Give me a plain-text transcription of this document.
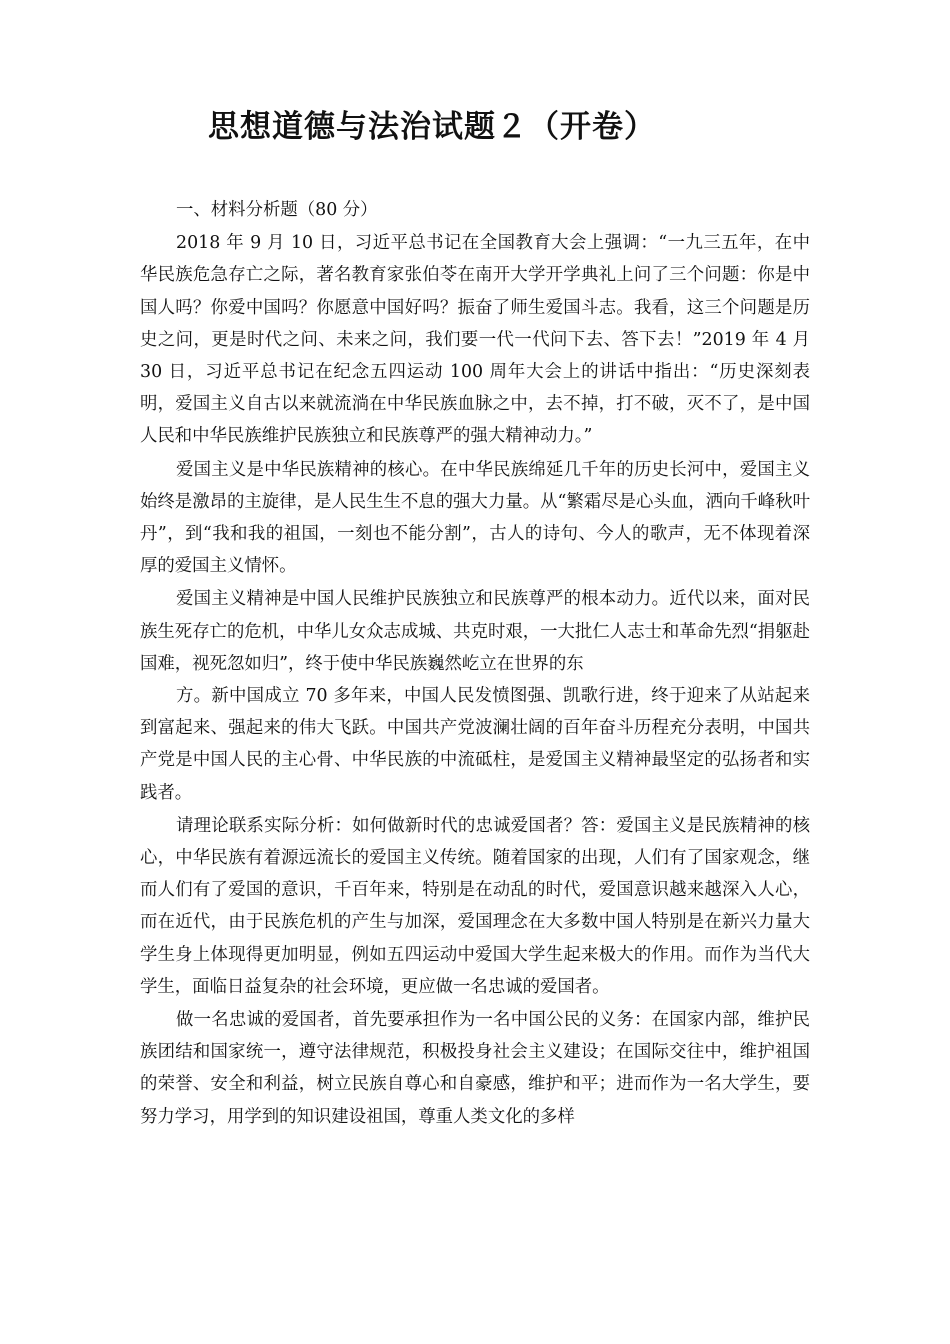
思想道德与法治试题２（开卷）

一、材料分析题（80 分）

2018 年 9 月 10 日，习近平总书记在全国教育大会上强调：“一九三五年，在中华民族危急存亡之际，著名教育家张伯苓在南开大学开学典礼上问了三个问题：你是中国人吗？你爱中国吗？你愿意中国好吗？振奋了师生爱国斗志。我看，这三个问题是历史之问，更是时代之问、未来之问，我们要一代一代问下去、答下去！”2019 年 4 月 30 日，习近平总书记在纪念五四运动 100 周年大会上的讲话中指出：“历史深刻表明，爱国主义自古以来就流淌在中华民族血脉之中，去不掉，打不破，灭不了，是中国人民和中华民族维护民族独立和民族尊严的强大精神动力。”

爱国主义是中华民族精神的核心。在中华民族绵延几千年的历史长河中，爱国主义始终是激昂的主旋律，是人民生生不息的强大力量。从“繁霜尽是心头血，洒向千峰秋叶丹”，到“我和我的祖国，一刻也不能分割”，古人的诗句、今人的歌声，无不体现着深厚的爱国主义情怀。

爱国主义精神是中国人民维护民族独立和民族尊严的根本动力。近代以来，面对民族生死存亡的危机，中华儿女众志成城、共克时艰，一大批仁人志士和革命先烈“捐躯赴国难，视死忽如归”，终于使中华民族巍然屹立在世界的东

方。新中国成立 70 多年来，中国人民发愤图强、凯歌行进，终于迎来了从站起来到富起来、强起来的伟大飞跃。中国共产党波澜壮阔的百年奋斗历程充分表明，中国共产党是中国人民的主心骨、中华民族的中流砥柱，是爱国主义精神最坚定的弘扬者和实践者。

请理论联系实际分析：如何做新时代的忠诚爱国者？答：爱国主义是民族精神的核心，中华民族有着源远流长的爱国主义传统。随着国家的出现，人们有了国家观念，继而人们有了爱国的意识，千百年来，特别是在动乱的时代，爱国意识越来越深入人心，而在近代，由于民族危机的产生与加深，爱国理念在大多数中国人特别是在新兴力量大学生身上体现得更加明显，例如五四运动中爱国大学生起来极大的作用。而作为当代大学生，面临日益复杂的社会环境，更应做一名忠诚的爱国者。

做一名忠诚的爱国者，首先要承担作为一名中国公民的义务：在国家内部，维护民族团结和国家统一，遵守法律规范，积极投身社会主义建设；在国际交往中，维护祖国的荣誉、安全和利益，树立民族自尊心和自豪感，维护和平；进而作为一名大学生，要努力学习，用学到的知识建设祖国，尊重人类文化的多样
